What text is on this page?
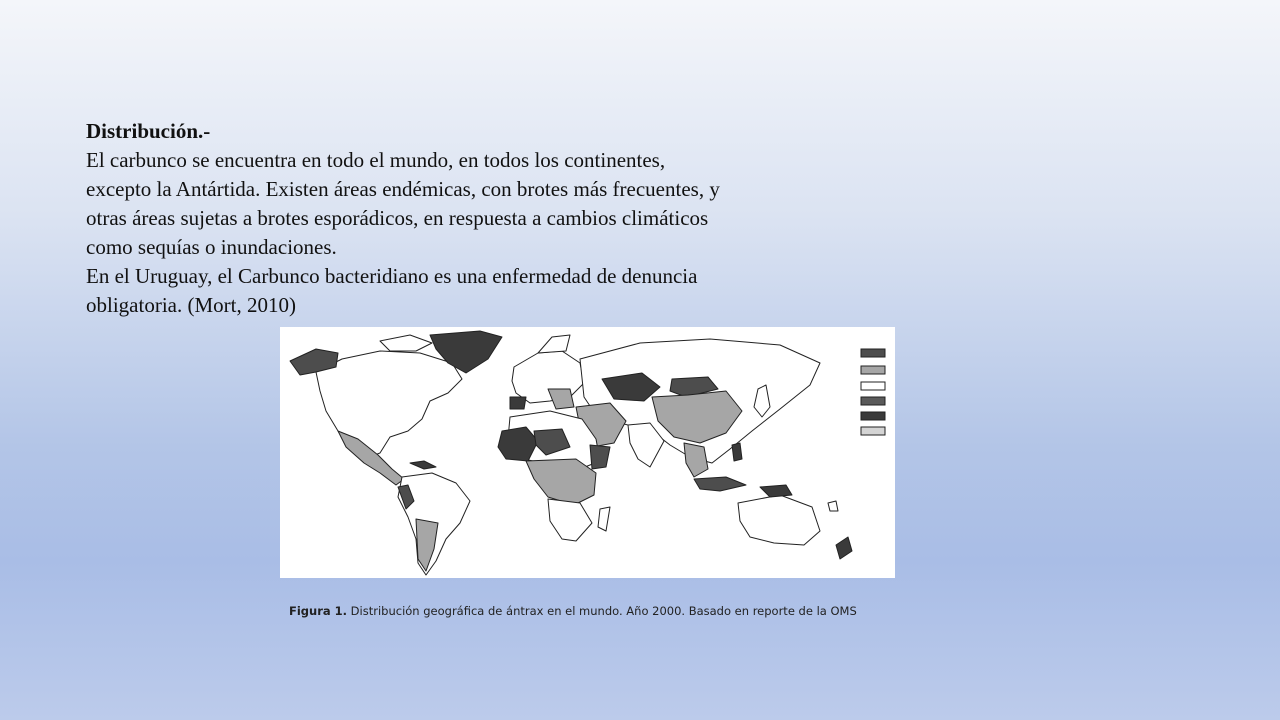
Distribución.-

El carbunco se encuentra en todo el mundo, en todos los continentes, excepto la Antártida. Existen áreas endémicas, con brotes más frecuentes, y otras áreas sujetas a brotes esporádicos, en respuesta a cambios climáticos como sequías o inundaciones.

En el Uruguay, el Carbunco bacteridiano es una enfermedad de denuncia obligatoria. (Mort, 2010)

Figura 1. Distribución geográfica de ántrax en el mundo. Año 2000. Basado en reporte de la OMS
